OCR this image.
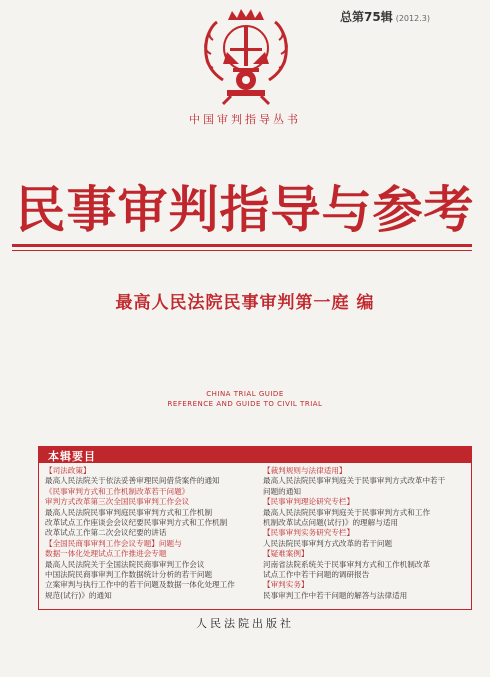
总第75辑 (2012.3)
中国审判指导丛书
民事审判指导与参考
最高人民法院民事审判第一庭 编
CHINA TRIAL GUIDE
REFERENCE AND GUIDE TO CIVIL TRIAL
本辑要目
【司法政策】
最高人民法院关于依法妥善审理民间借贷案件的通知
《民事审判方式和工作机制改革若干问题》
审判方式改革第三次全国民事审判工作会议
最高人民法院民事审判庭民事审判方式和工作机制
改革试点工作座谈会会议纪要民事审判方式和工作机制
改革试点工作第二次会议纪要的讲话
【全国民商事审判工作会议专题】问题与
数据一体化处理试点工作推进会专题
最高人民法院关于全国法院民商事审判工作会议
中国法院民商事审判工作数据统计分析的若干问题
立案审判与执行工作中的若干问题及数据一体化处理工作
规范(试行)》的通知
【裁判规则与法律适用】
最高人民法院民事审判庭关于民事审判方式改革中若干
问题的通知
【民事审判理论研究专栏】
最高人民法院民事审判庭关于民事审判方式和工作
机制改革试点问题(试行)》的理解与适用
【民事审判实务研究专栏】
人民法院民事审判方式改革的若干问题
【疑难案例】
河南省法院系统关于民事审判方式和工作机制改革
试点工作中若干问题的调研报告
【审判实务】
民事审判工作中若干问题的解答与法律适用
人民法院出版社
